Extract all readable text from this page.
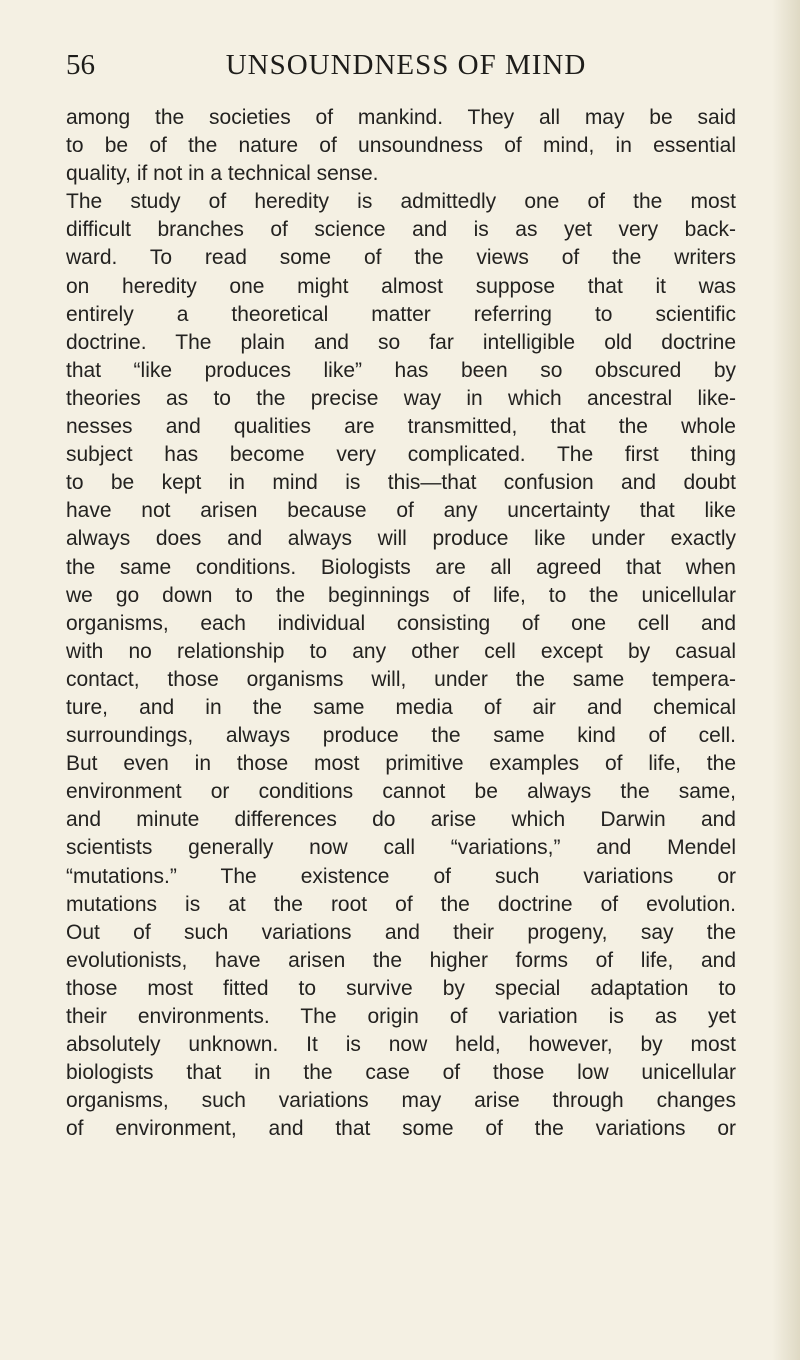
56	UNSOUNDNESS OF MIND
among the societies of mankind. They all may be said
to be of the nature of unsoundness of mind, in essential
quality, if not in a technical sense.
The study of heredity is admittedly one of the most
difficult branches of science and is as yet very back-
ward. To read some of the views of the writers
on heredity one might almost suppose that it was
entirely a theoretical matter referring to scientific
doctrine. The plain and so far intelligible old doctrine
that “like produces like” has been so obscured by
theories as to the precise way in which ancestral like-
nesses and qualities are transmitted, that the whole
subject has become very complicated. The first thing
to be kept in mind is this—that confusion and doubt
have not arisen because of any uncertainty that like
always does and always will produce like under exactly
the same conditions. Biologists are all agreed that when
we go down to the beginnings of life, to the unicellular
organisms, each individual consisting of one cell and
with no relationship to any other cell except by casual
contact, those organisms will, under the same tempera-
ture, and in the same media of air and chemical
surroundings, always produce the same kind of cell.
But even in those most primitive examples of life, the
environment or conditions cannot be always the same,
and minute differences do arise which Darwin and
scientists generally now call “variations,” and Mendel
“mutations.” The existence of such variations or
mutations is at the root of the doctrine of evolution.
Out of such variations and their progeny, say the
evolutionists, have arisen the higher forms of life, and
those most fitted to survive by special adaptation to
their environments. The origin of variation is as yet
absolutely unknown. It is now held, however, by most
biologists that in the case of those low unicellular
organisms, such variations may arise through changes
of environment, and that some of the variations or
